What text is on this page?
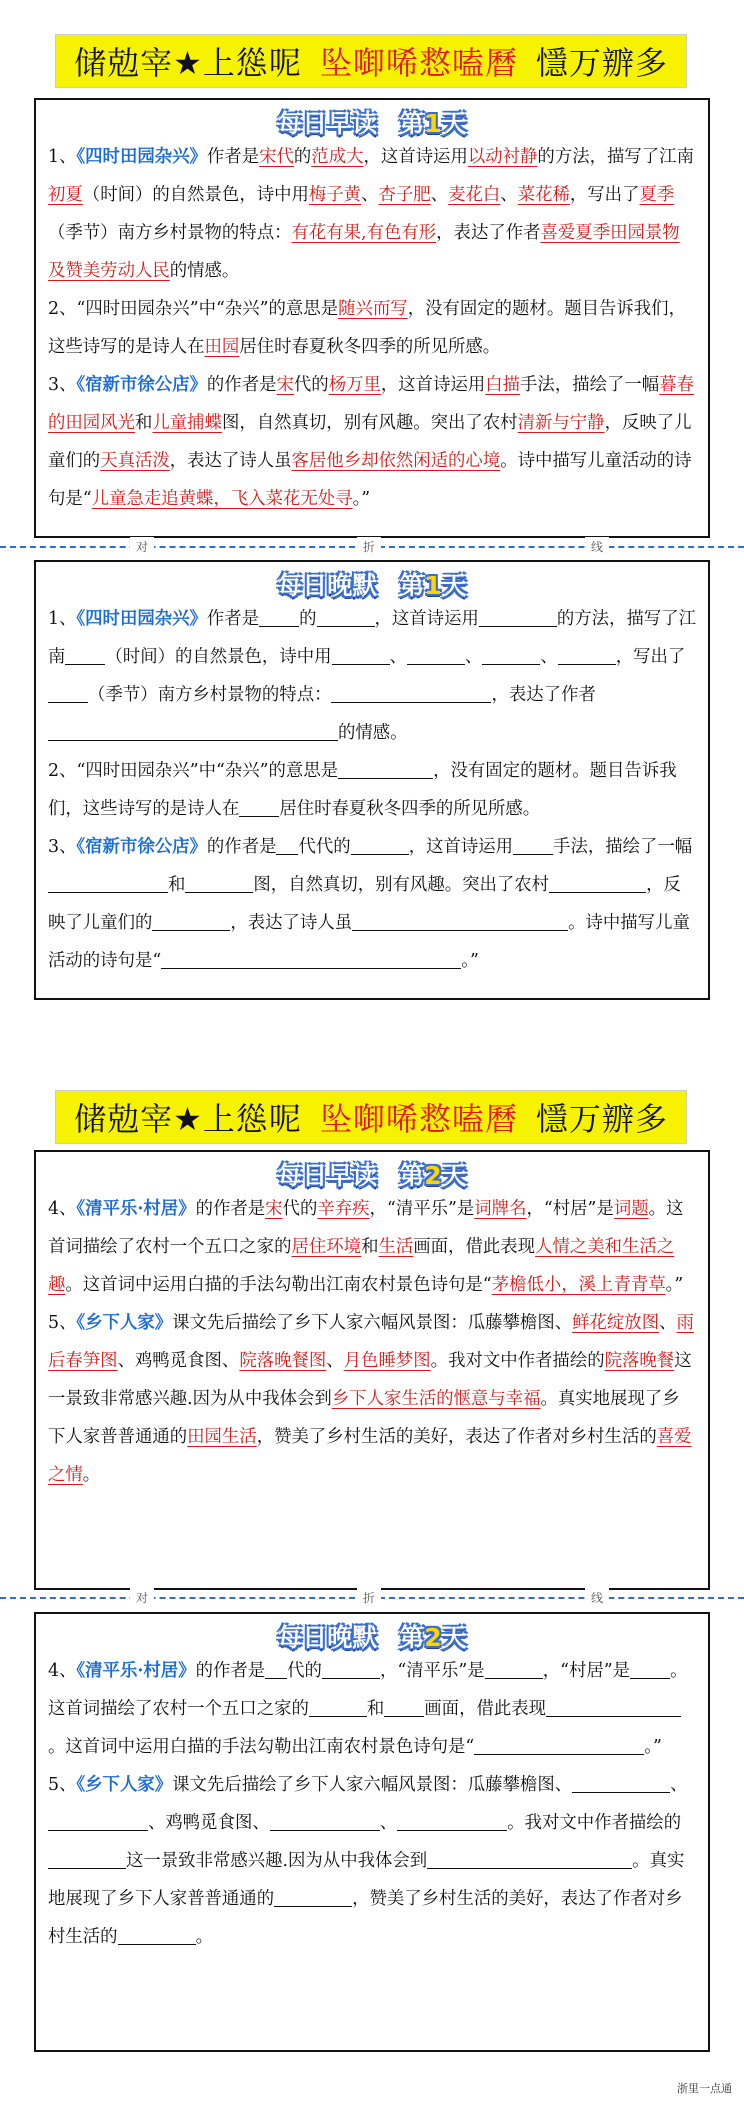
储勊宰★上慫呢 坠啣唏慦嗑曆 懚万辧多
每日早读 第1天

1、《四时田园杂兴》作者是宋代的范成大，这首诗运用以动衬静的方法，描写了江南初夏（时间）的自然景色，诗中用梅子黄、杏子肥、麦花白、菜花稀，写出了夏季（季节）南方乡村景物的特点：有花有果,有色有形，表达了作者喜爱夏季田园景物及赞美劳动人民的情感。

2、“四时田园杂兴”中“杂兴”的意思是随兴而写，没有固定的题材。题目告诉我们，这些诗写的是诗人在田园居住时春夏秋冬四季的所见所感。

3、《宿新市徐公店》的作者是宋代的杨万里，这首诗运用白描手法，描绘了一幅暮春的田园风光和儿童捕蝶图，自然真切，别有风趣。突出了农村清新与宁静，反映了儿童们的天真活泼，表达了诗人虽客居他乡却依然闲适的心境。诗中描写儿童活动的诗句是“儿童急走追黄蝶，飞入菜花无处寻。”

对	折	线
每日晚默 第1天

1、《四时田园杂兴》作者是 的	，这首诗运用	的方法，描写了江南 （时间）的自然景色，诗中用	、	、	、	，写出了（季节）南方乡村景物的特点：	，表达了作者的情感。

2、“四时田园杂兴”中“杂兴”的意思是	，没有固定的题材。题目告诉我们，这些诗写的是诗人在 居住时春夏秋冬四季的所见所感。

3、《宿新市徐公店》的作者是 代代的	，这首诗运用 手法，描绘了一幅和	图，自然真切，别有风趣。突出了农村	，反映了儿童们的	，表达了诗人虽	。诗中描写儿童活动的诗句是“	。”

储勊宰★上慫呢 坠啣唏慦嗑曆 懚万辧多
每日早读 第2天

4、《清平乐·村居》的作者是宋代的辛弃疾，“清平乐”是词牌名，“村居”是词题。这首词描绘了农村一个五口之家的居住环境和生活画面，借此表现人情之美和生活之趣。这首词中运用白描的手法勾勒出江南农村景色诗句是“茅檐低小，溪上青青草。”

5、《乡下人家》课文先后描绘了乡下人家六幅风景图：瓜藤攀檐图、鲜花绽放图、雨后春笋图、鸡鸭觅食图、院落晚餐图、月色睡梦图。我对文中作者描绘的院落晚餐这一景致非常感兴趣.因为从中我体会到乡下人家生活的惬意与幸福。真实地展现了乡下人家普普通通的田园生活，赞美了乡村生活的美好，表达了作者对乡村生活的喜爱之情。

对	折	线
每日晚默 第2天

4、《清平乐·村居》的作者是 代的	，“清平乐”是	，“村居”是 。这首词描绘了农村一个五口之家的	和 画面，借此表现。这首词中运用白描的手法勾勒出江南农村景色诗句是“	。”

5、《乡下人家》课文先后描绘了乡下人家六幅风景图：瓜藤攀檐图、	、、鸡鸭觅食图、	、	。我对文中作者描绘的这一景致非常感兴趣.因为从中我体会到	。真实地展现了乡下人家普普通通的	，赞美了乡村生活的美好，表达了作者对乡村生活的	。

浙里一点通
